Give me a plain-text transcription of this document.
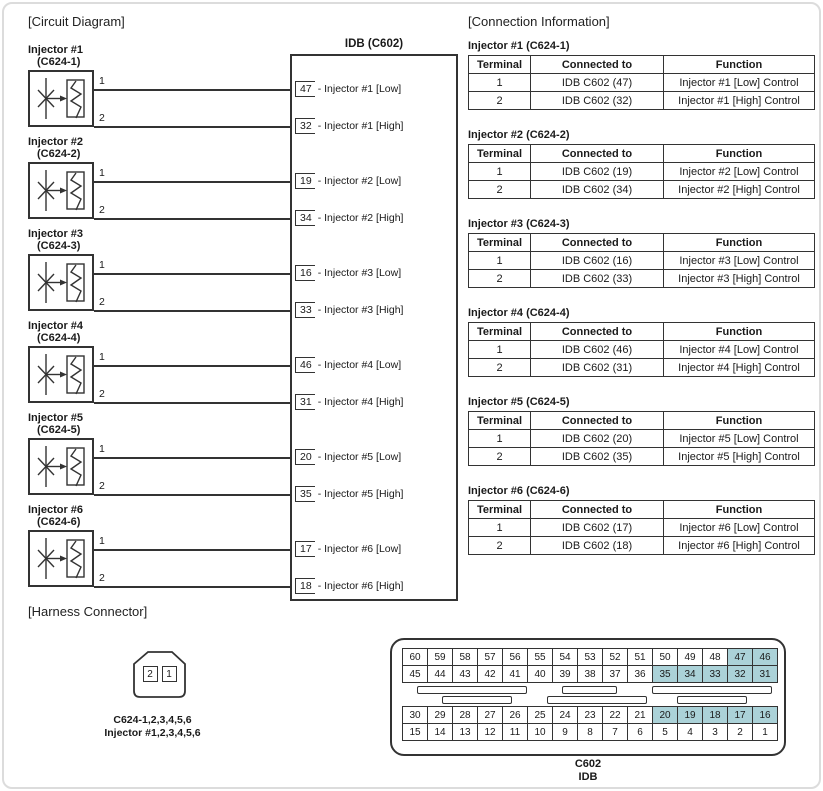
[Circuit Diagram]	[Connection Information]
[Harness Connector]
IDB (C602)
Injector #1
(C624-1)
1
2
47 - Injector #1 [Low]
32 - Injector #1 [High]
Injector #2
(C624-2)
1
2
19 - Injector #2 [Low]
34 - Injector #2 [High]
Injector #3
(C624-3)
1
2
16 - Injector #3 [Low]
33 - Injector #3 [High]
Injector #4
(C624-4)
1
2
46 - Injector #4 [Low]
31 - Injector #4 [High]
Injector #5
(C624-5)
1
2
20 - Injector #5 [Low]
35 - Injector #5 [High]
Injector #6
(C624-6)
1
2
17 - Injector #6 [Low]
18 - Injector #6 [High]
Injector #1 (C624-1)
Terminal	Connected to	Function
1	IDB C602 (47)	Injector #1 [Low] Control
2	IDB C602 (32)	Injector #1 [High] Control
Injector #2 (C624-2)
Terminal	Connected to	Function
1	IDB C602 (19)	Injector #2 [Low] Control
2	IDB C602 (34)	Injector #2 [High] Control
Injector #3 (C624-3)
Terminal	Connected to	Function
1	IDB C602 (16)	Injector #3 [Low] Control
2	IDB C602 (33)	Injector #3 [High] Control
Injector #4 (C624-4)
Terminal	Connected to	Function
1	IDB C602 (46)	Injector #4 [Low] Control
2	IDB C602 (31)	Injector #4 [High] Control
Injector #5 (C624-5)
Terminal	Connected to	Function
1	IDB C602 (20)	Injector #5 [Low] Control
2	IDB C602 (35)	Injector #5 [High] Control
Injector #6 (C624-6)
Terminal	Connected to	Function
1	IDB C602 (17)	Injector #6 [Low] Control
2	IDB C602 (18)	Injector #6 [High] Control
2	1
C624-1,2,3,4,5,6
Injector #1,2,3,4,5,6
60	59	58	57	56	55	54	53	52	51	50	49	48	47	46
45	44	43	42	41	40	39	38	37	36	35	34	33	32	31
30	29	28	27	26	25	24	23	22	21	20	19	18	17	16
15	14	13	12	11	10	9	8	7	6	5	4	3	2	1
C602
IDB
